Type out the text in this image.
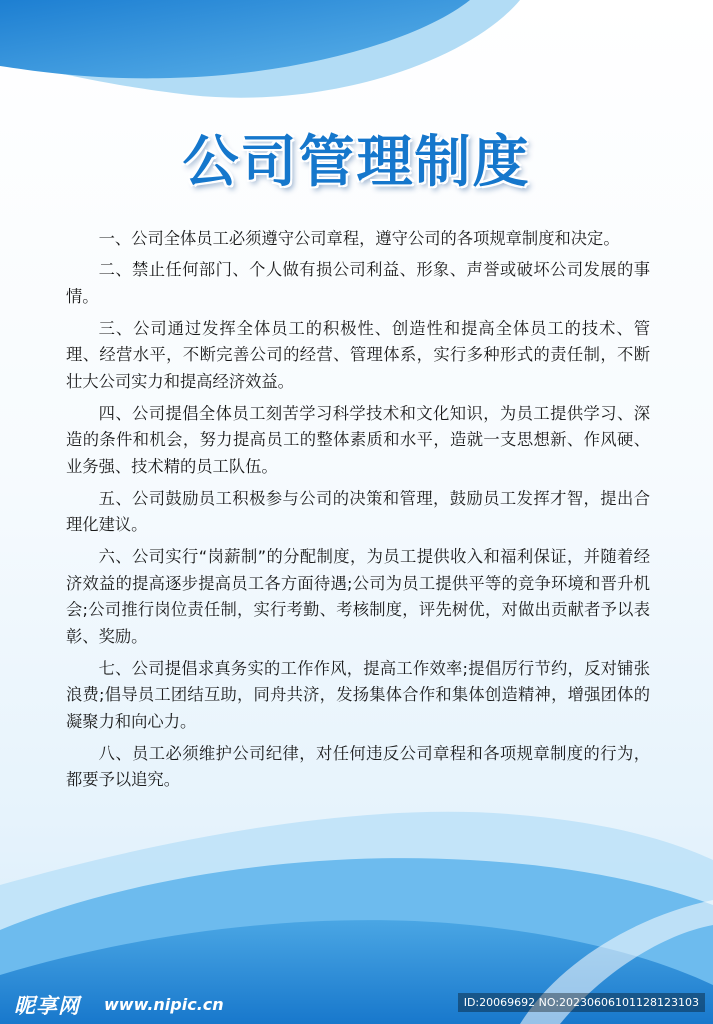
公司管理制度

一、公司全体员工必须遵守公司章程，遵守公司的各项规章制度和决定。

二、禁止任何部门、个人做有损公司利益、形象、声誉或破坏公司发展的事情。

三、公司通过发挥全体员工的积极性、创造性和提高全体员工的技术、管理、经营水平，不断完善公司的经营、管理体系，实行多种形式的责任制，不断壮大公司实力和提高经济效益。

四、公司提倡全体员工刻苦学习科学技术和文化知识，为员工提供学习、深造的条件和机会，努力提高员工的整体素质和水平，造就一支思想新、作风硬、业务强、技术精的员工队伍。

五、公司鼓励员工积极参与公司的决策和管理，鼓励员工发挥才智，提出合理化建议。

六、公司实行“岗薪制”的分配制度，为员工提供收入和福利保证，并随着经济效益的提高逐步提高员工各方面待遇;公司为员工提供平等的竞争环境和晋升机会;公司推行岗位责任制，实行考勤、考核制度，评先树优，对做出贡献者予以表彰、奖励。

七、公司提倡求真务实的工作作风，提高工作效率;提倡厉行节约，反对铺张浪费;倡导员工团结互助，同舟共济，发扬集体合作和集体创造精神，增强团体的凝聚力和向心力。

八、员工必须维护公司纪律，对任何违反公司章程和各项规章制度的行为，都要予以追究。

昵享网 www.nipic.cn	ID:20069692 NO:20230606101128123103
